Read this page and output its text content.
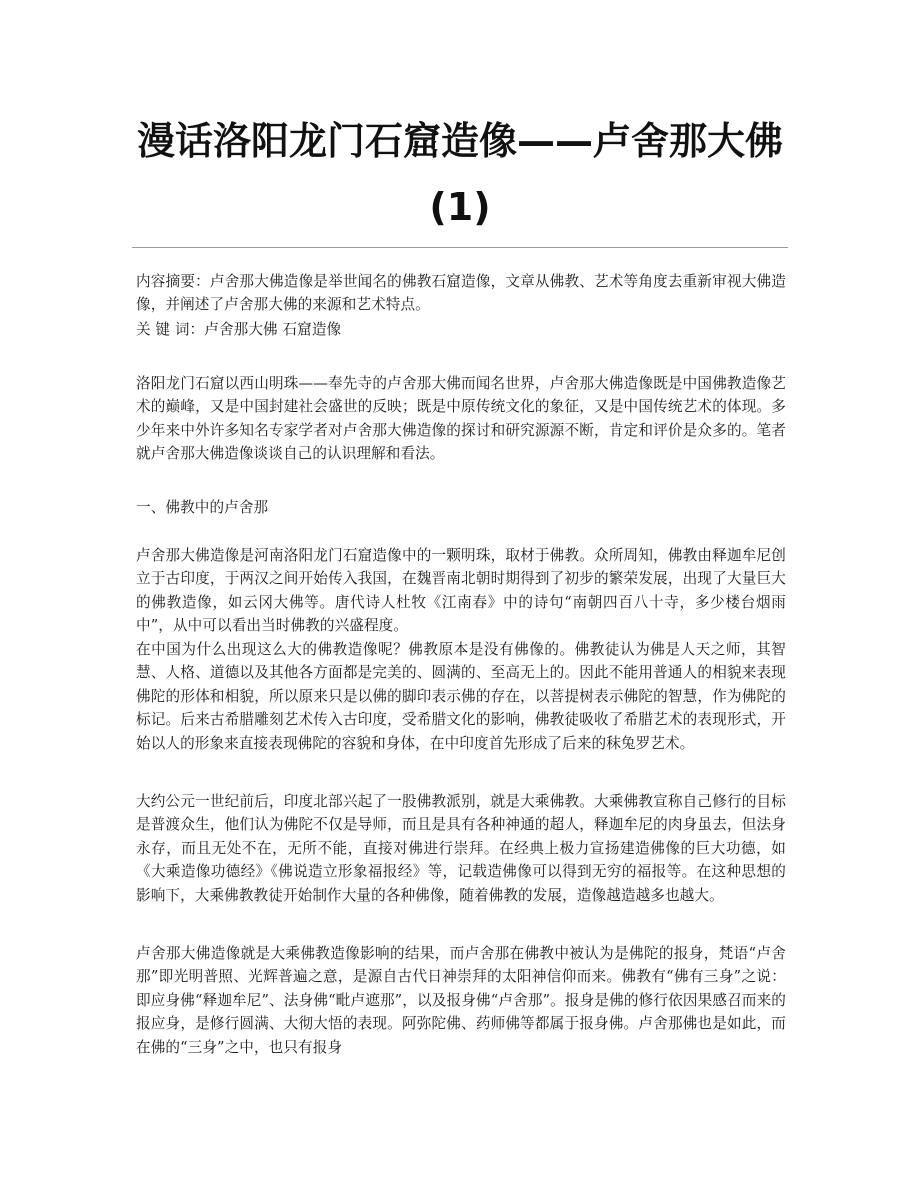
漫话洛阳龙门石窟造像——卢舍那大佛(1)

内容摘要：卢舍那大佛造像是举世闻名的佛教石窟造像，文章从佛教、艺术等角度去重新审视大佛造像，并阐述了卢舍那大佛的来源和艺术特点。

关 键 词：卢舍那大佛 石窟造像

洛阳龙门石窟以西山明珠——奉先寺的卢舍那大佛而闻名世界，卢舍那大佛造像既是中国佛教造像艺术的巅峰，又是中国封建社会盛世的反映；既是中原传统文化的象征，又是中国传统艺术的体现。多少年来中外许多知名专家学者对卢舍那大佛造像的探讨和研究源源不断，肯定和评价是众多的。笔者就卢舍那大佛造像谈谈自己的认识理解和看法。

一、佛教中的卢舍那

卢舍那大佛造像是河南洛阳龙门石窟造像中的一颗明珠，取材于佛教。众所周知，佛教由释迦牟尼创立于古印度，于两汉之间开始传入我国，在魏晋南北朝时期得到了初步的繁荣发展，出现了大量巨大的佛教造像，如云冈大佛等。唐代诗人杜牧《江南春》中的诗句“南朝四百八十寺，多少楼台烟雨中”，从中可以看出当时佛教的兴盛程度。

在中国为什么出现这么大的佛教造像呢？佛教原本是没有佛像的。佛教徒认为佛是人天之师，其智慧、人格、道德以及其他各方面都是完美的、圆满的、至高无上的。因此不能用普通人的相貌来表现佛陀的形体和相貌，所以原来只是以佛的脚印表示佛的存在，以菩提树表示佛陀的智慧，作为佛陀的标记。后来古希腊雕刻艺术传入古印度，受希腊文化的影响，佛教徒吸收了希腊艺术的表现形式，开始以人的形象来直接表现佛陀的容貌和身体，在中印度首先形成了后来的秣兔罗艺术。

大约公元一世纪前后，印度北部兴起了一股佛教派别，就是大乘佛教。大乘佛教宣称自己修行的目标是普渡众生，他们认为佛陀不仅是导师，而且是具有各种神通的超人，释迦牟尼的肉身虽去，但法身永存，而且无处不在，无所不能，直接对佛进行崇拜。在经典上极力宣扬建造佛像的巨大功德，如《大乘造像功德经》《佛说造立形象福报经》等，记载造佛像可以得到无穷的福报等。在这种思想的影响下，大乘佛教教徒开始制作大量的各种佛像，随着佛教的发展，造像越造越多也越大。

卢舍那大佛造像就是大乘佛教造像影响的结果，而卢舍那在佛教中被认为是佛陀的报身，梵语“卢舍那”即光明普照、光辉普遍之意，是源自古代日神崇拜的太阳神信仰而来。佛教有“佛有三身”之说：即应身佛“释迦牟尼”、法身佛“毗卢遮那”，以及报身佛“卢舍那”。报身是佛的修行依因果感召而来的报应身，是修行圆满、大彻大悟的表现。阿弥陀佛、药师佛等都属于报身佛。卢舍那佛也是如此，而在佛的“三身”之中，也只有报身
